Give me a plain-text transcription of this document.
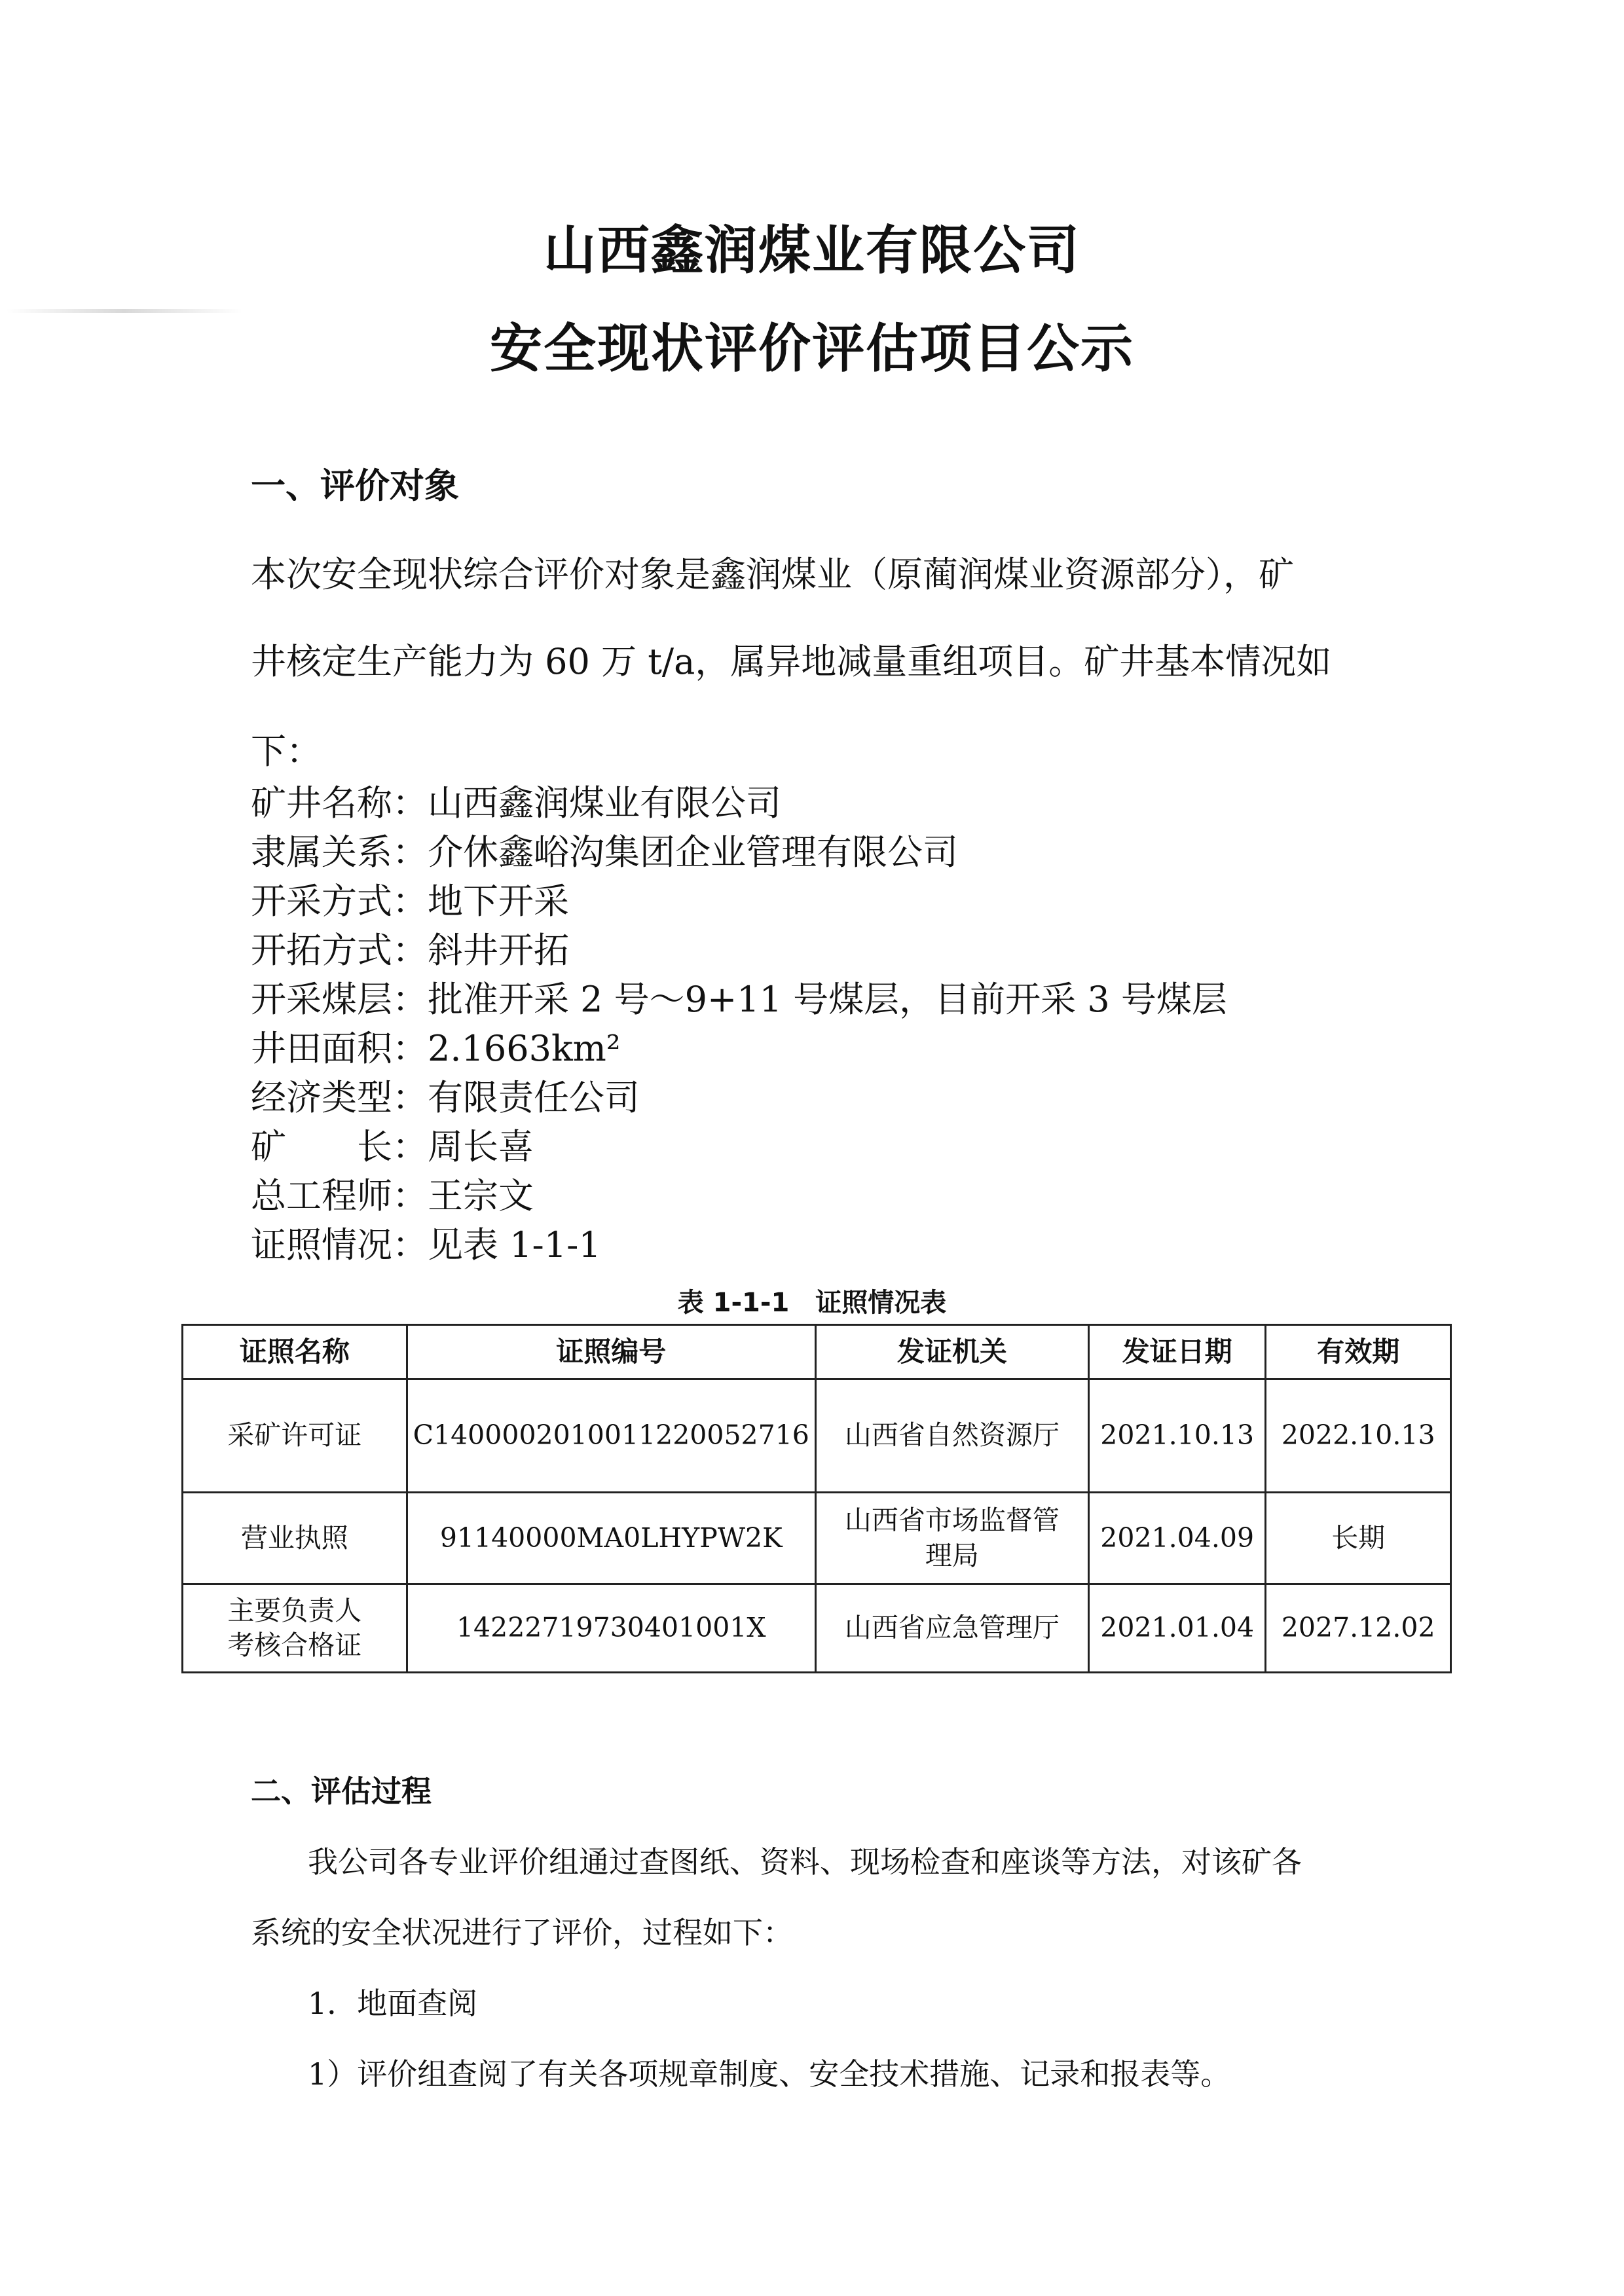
山西鑫润煤业有限公司
安全现状评价评估项目公示
一、评价对象
本次安全现状综合评价对象是鑫润煤业（原蔺润煤业资源部分），矿
井核定生产能力为 60 万 t/a，属异地减量重组项目。矿井基本情况如
下：
矿井名称：山西鑫润煤业有限公司
隶属关系：介休鑫峪沟集团企业管理有限公司
开采方式：地下开采
开拓方式：斜井开拓
开采煤层：批准开采 2 号～9+11 号煤层，目前开采 3 号煤层
井田面积：2.1663km²
经济类型：有限责任公司
矿　　长：周长喜
总工程师：王宗文
证照情况：见表 1-1-1
表 1-1-1　证照情况表
证照名称	证照编号	发证机关	发证日期	有效期
采矿许可证	C1400002010011220052716	山西省自然资源厅	2021.10.13	2022.10.13
营业执照	91140000MA0LHYPW2K	山西省市场监督管理局	2021.04.09	长期
主要负责人考核合格证	14222719730401001X	山西省应急管理厅	2021.01.04	2027.12.02
二、评估过程
我公司各专业评价组通过查图纸、资料、现场检查和座谈等方法，对该矿各
系统的安全状况进行了评价，过程如下：
1．地面查阅
1）评价组查阅了有关各项规章制度、安全技术措施、记录和报表等。
